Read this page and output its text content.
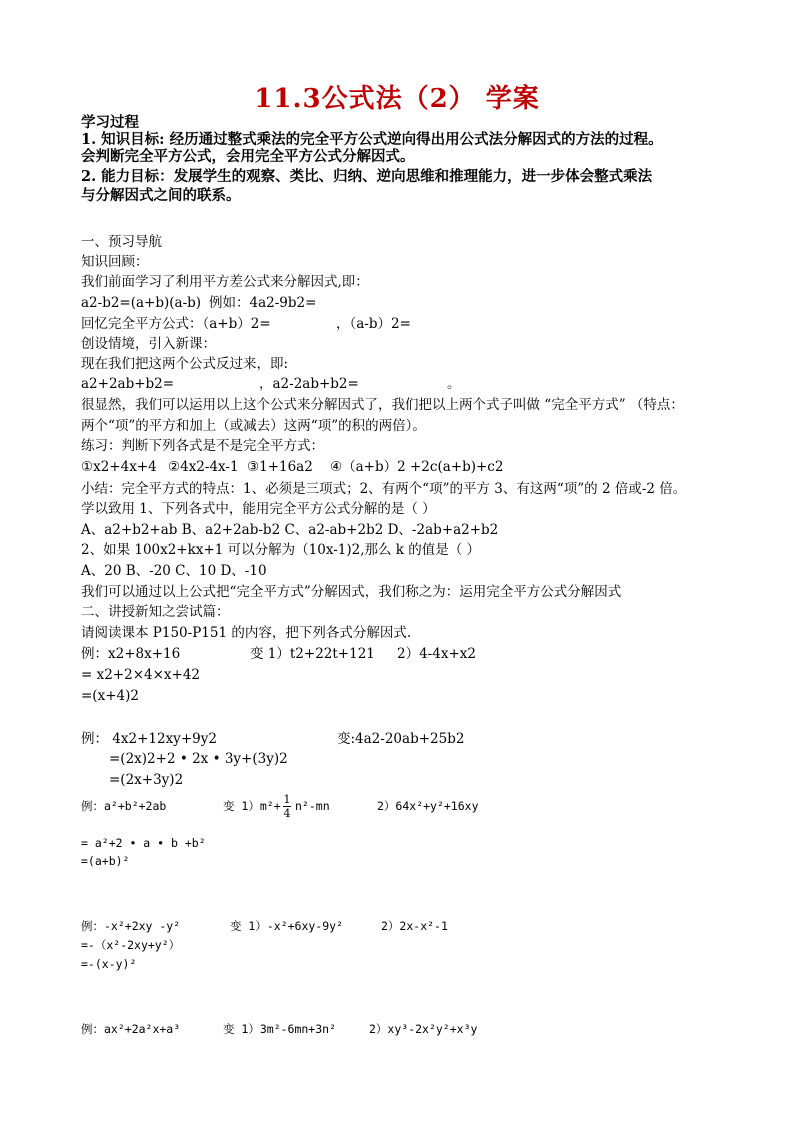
11.3公式法（2） 学案
学习过程
1. 知识目标: 经历通过整式乘法的完全平方公式逆向得出用公式法分解因式的方法的过程。
会判断完全平方公式，会用完全平方公式分解因式。
2. 能力目标：发展学生的观察、类比、归纳、逆向思维和推理能力，进一步体会整式乘法
与分解因式之间的联系。
一、预习导航
知识回顾：
我们前面学习了利用平方差公式来分解因式,即：
a2-b2=(a+b)(a-b) 例如：4a2-9b2=
回忆完全平方公式：（a+b）2=	，（a-b）2=
创设情境，引入新课：
现在我们把这两个公式反过来，即:
a2+2ab+b2=	，a2-2ab+b2=	。
很显然，我们可以运用以上这个公式来分解因式了，我们把以上两个式子叫做 “完全平方式” （特点：
两个“项”的平方和加上（或减去）这两“项”的积的两倍）。
练习：判断下列各式是不是完全平方式：
①x2+4x+4 ②4x2-4x-1 ③1+16a2 ④（a+b）2 +2c(a+b)+c2
小结：完全平方式的特点：1、必须是三项式；2、有两个“项”的平方 3、有这两“项”的 2 倍或-2 倍。
学以致用 1、下列各式中，能用完全平方公式分解的是（ ）
A、a2+b2+ab B、a2+2ab-b2 C、a2-ab+2b2 D、-2ab+a2+b2
2、如果 100x2+kx+1 可以分解为（10x-1)2,那么 k 的值是（ ）
A、20 B、-20 C、10 D、-10
我们可以通过以上公式把“完全平方式”分解因式，我们称之为：运用完全平方公式分解因式
二、讲授新知之尝试篇：
请阅读课本 P150-P151 的内容，把下列各式分解因式.
例：x2+8x+16	变 1）t2+22t+121 2）4-4x+x2
= x2+2×4×x+42
=(x+4)2
例： 4x2+12xy+9y2	变:4a2-20ab+25b2
=(2x)2+2 • 2x • 3y+(3y)2
=(2x+3y)2
例：a²+b²+2ab	变 1）m²+ 1
4
n²-mn	2）64x²+y²+16xy
= a²+2 • a • b +b²
=(a+b)²
例：-x²+2xy -y²	变 1）-x²+6xy-9y²	2）2x-x²-1
=-（x²-2xy+y²）
=-(x-y)²
例：ax²+2a²x+a³	变 1）3m²-6mn+3n²	2）xy³-2x²y²+x³y
